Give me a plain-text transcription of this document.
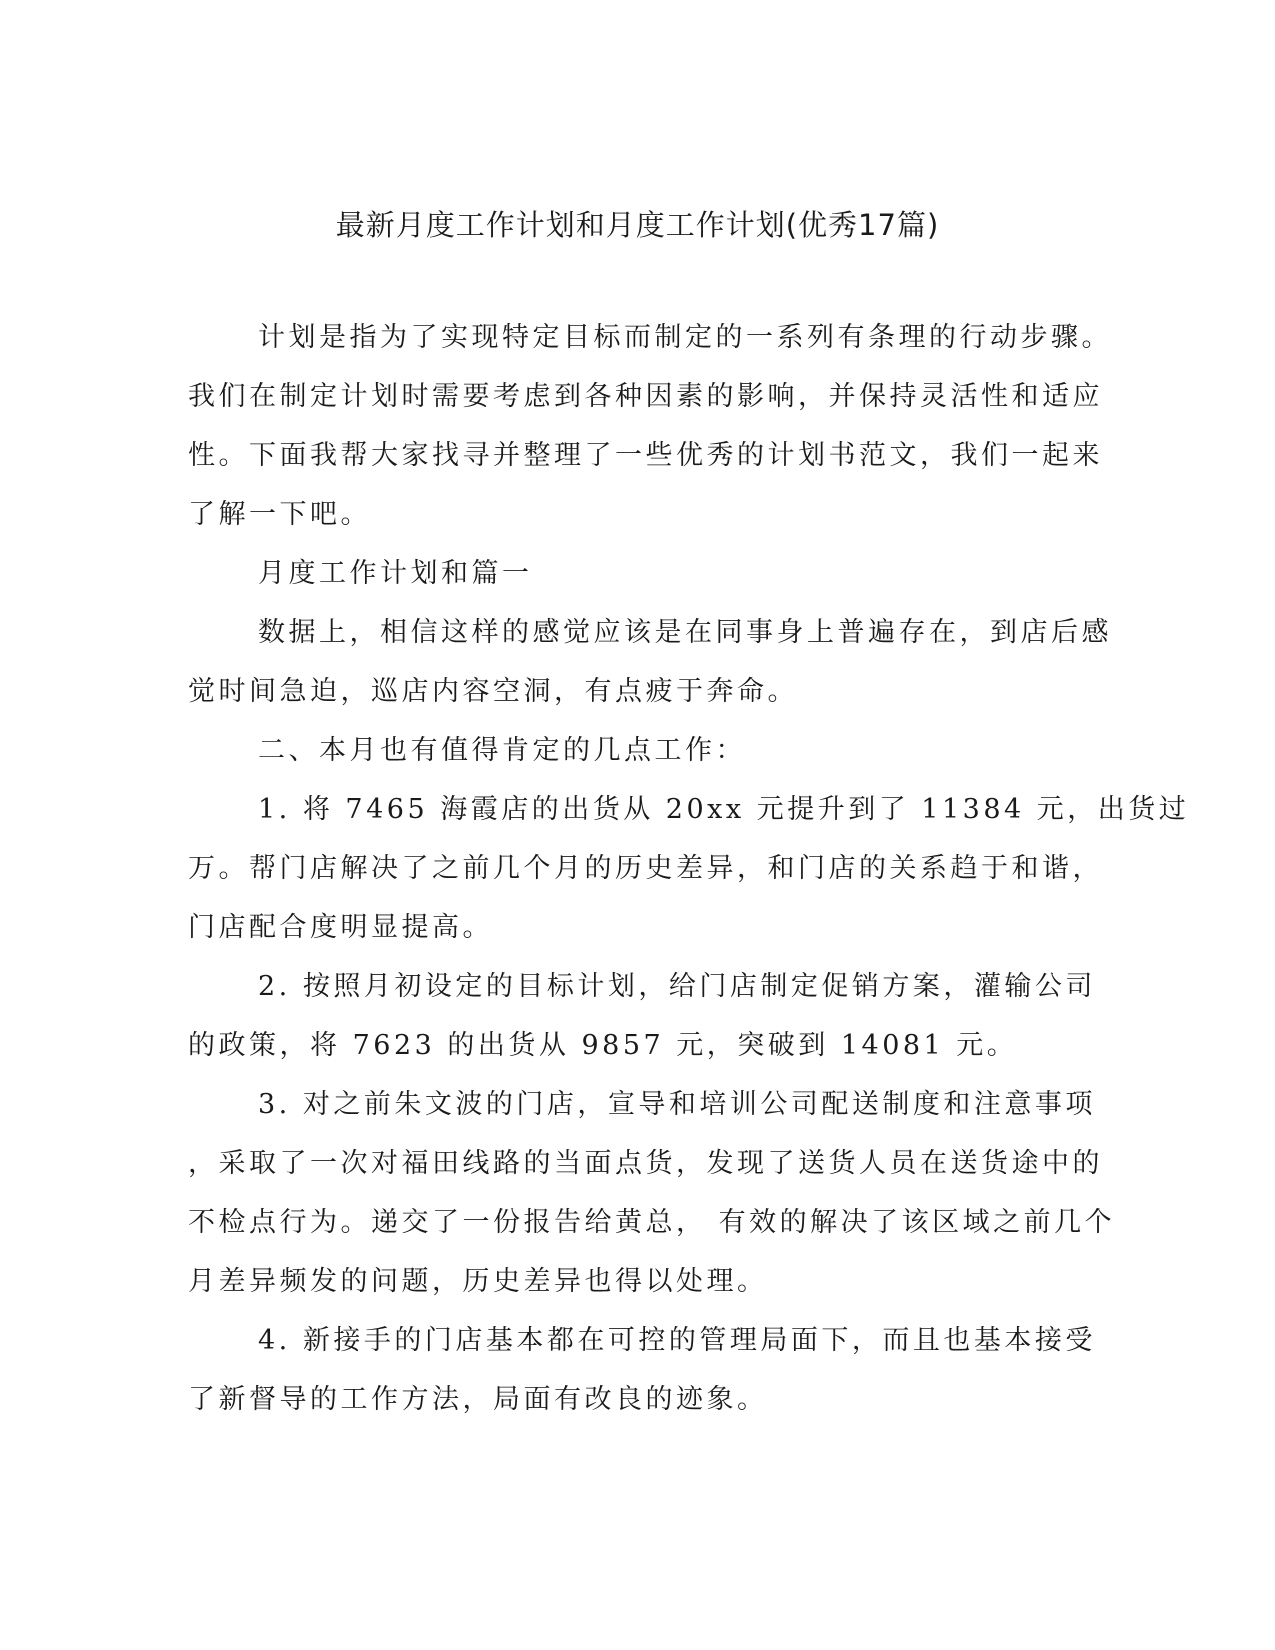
最新月度工作计划和月度工作计划(优秀17篇)
计划是指为了实现特定目标而制定的一系列有条理的行动步骤。
我们在制定计划时需要考虑到各种因素的影响，并保持灵活性和适应
性。下面我帮大家找寻并整理了一些优秀的计划书范文，我们一起来
了解一下吧。
月度工作计划和篇一
数据上，相信这样的感觉应该是在同事身上普遍存在，到店后感
觉时间急迫，巡店内容空洞，有点疲于奔命。
二、本月也有值得肯定的几点工作：
1. 将 7465 海霞店的出货从 20xx 元提升到了 11384 元，出货过
万。帮门店解决了之前几个月的历史差异，和门店的关系趋于和谐，
门店配合度明显提高。
2. 按照月初设定的目标计划，给门店制定促销方案，灌输公司
的政策，将 7623 的出货从 9857 元，突破到 14081 元。
3. 对之前朱文波的门店，宣导和培训公司配送制度和注意事项
，采取了一次对福田线路的当面点货，发现了送货人员在送货途中的
不检点行为。递交了一份报告给黄总， 有效的解决了该区域之前几个
月差异频发的问题，历史差异也得以处理。
4. 新接手的门店基本都在可控的管理局面下，而且也基本接受
了新督导的工作方法，局面有改良的迹象。
